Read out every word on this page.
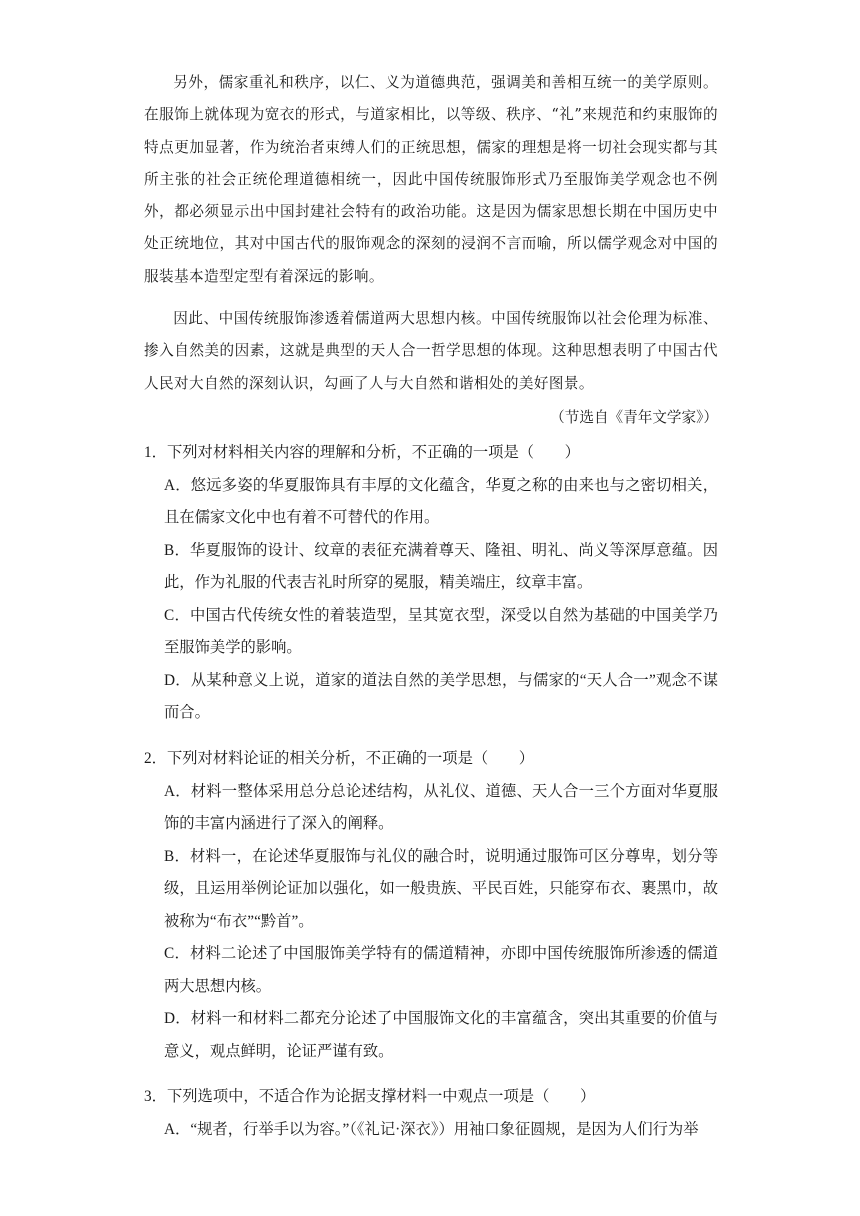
另外，儒家重礼和秩序，以仁、义为道德典范，强调美和善相互统一的美学原则。在服饰上就体现为宽衣的形式，与道家相比，以等级、秩序、“礼”来规范和约束服饰的特点更加显著，作为统治者束缚人们的正统思想，儒家的理想是将一切社会现实都与其所主张的社会正统伦理道德相统一，因此中国传统服饰形式乃至服饰美学观念也不例外，都必须显示出中国封建社会特有的政治功能。这是因为儒家思想长期在中国历史中处正统地位，其对中国古代的服饰观念的深刻的浸润不言而喻，所以儒学观念对中国的服装基本造型定型有着深远的影响。

因此、中国传统服饰渗透着儒道两大思想内核。中国传统服饰以社会伦理为标准、掺入自然美的因素，这就是典型的天人合一哲学思想的体现。这种思想表明了中国古代人民对大自然的深刻认识，勾画了人与大自然和谐相处的美好图景。

（节选自《青年文学家》）

1．下列对材料相关内容的理解和分析，不正确的一项是（　　）

A．悠远多姿的华夏服饰具有丰厚的文化蕴含，华夏之称的由来也与之密切相关，且在儒家文化中也有着不可替代的作用。

B．华夏服饰的设计、纹章的表征充满着尊天、隆祖、明礼、尚义等深厚意蕴。因此，作为礼服的代表吉礼时所穿的冕服，精美端庄，纹章丰富。

C．中国古代传统女性的着装造型，呈其宽衣型，深受以自然为基础的中国美学乃至服饰美学的影响。

D．从某种意义上说，道家的道法自然的美学思想，与儒家的“天人合一”观念不谋而合。

2．下列对材料论证的相关分析，不正确的一项是（　　）

A．材料一整体采用总分总论述结构，从礼仪、道德、天人合一三个方面对华夏服饰的丰富内涵进行了深入的阐释。

B．材料一，在论述华夏服饰与礼仪的融合时，说明通过服饰可区分尊卑，划分等级，且运用举例论证加以强化，如一般贵族、平民百姓，只能穿布衣、裹黑巾，故被称为“布衣”“黔首”。

C．材料二论述了中国服饰美学特有的儒道精神，亦即中国传统服饰所渗透的儒道两大思想内核。

D．材料一和材料二都充分论述了中国服饰文化的丰富蕴含，突出其重要的价值与意义，观点鲜明，论证严谨有致。

3．下列选项中，不适合作为论据支撑材料一中观点一项是（　　）

A．“规者，行举手以为容。”（《礼记·深衣》）用袖口象征圆规，是因为人们行为举
